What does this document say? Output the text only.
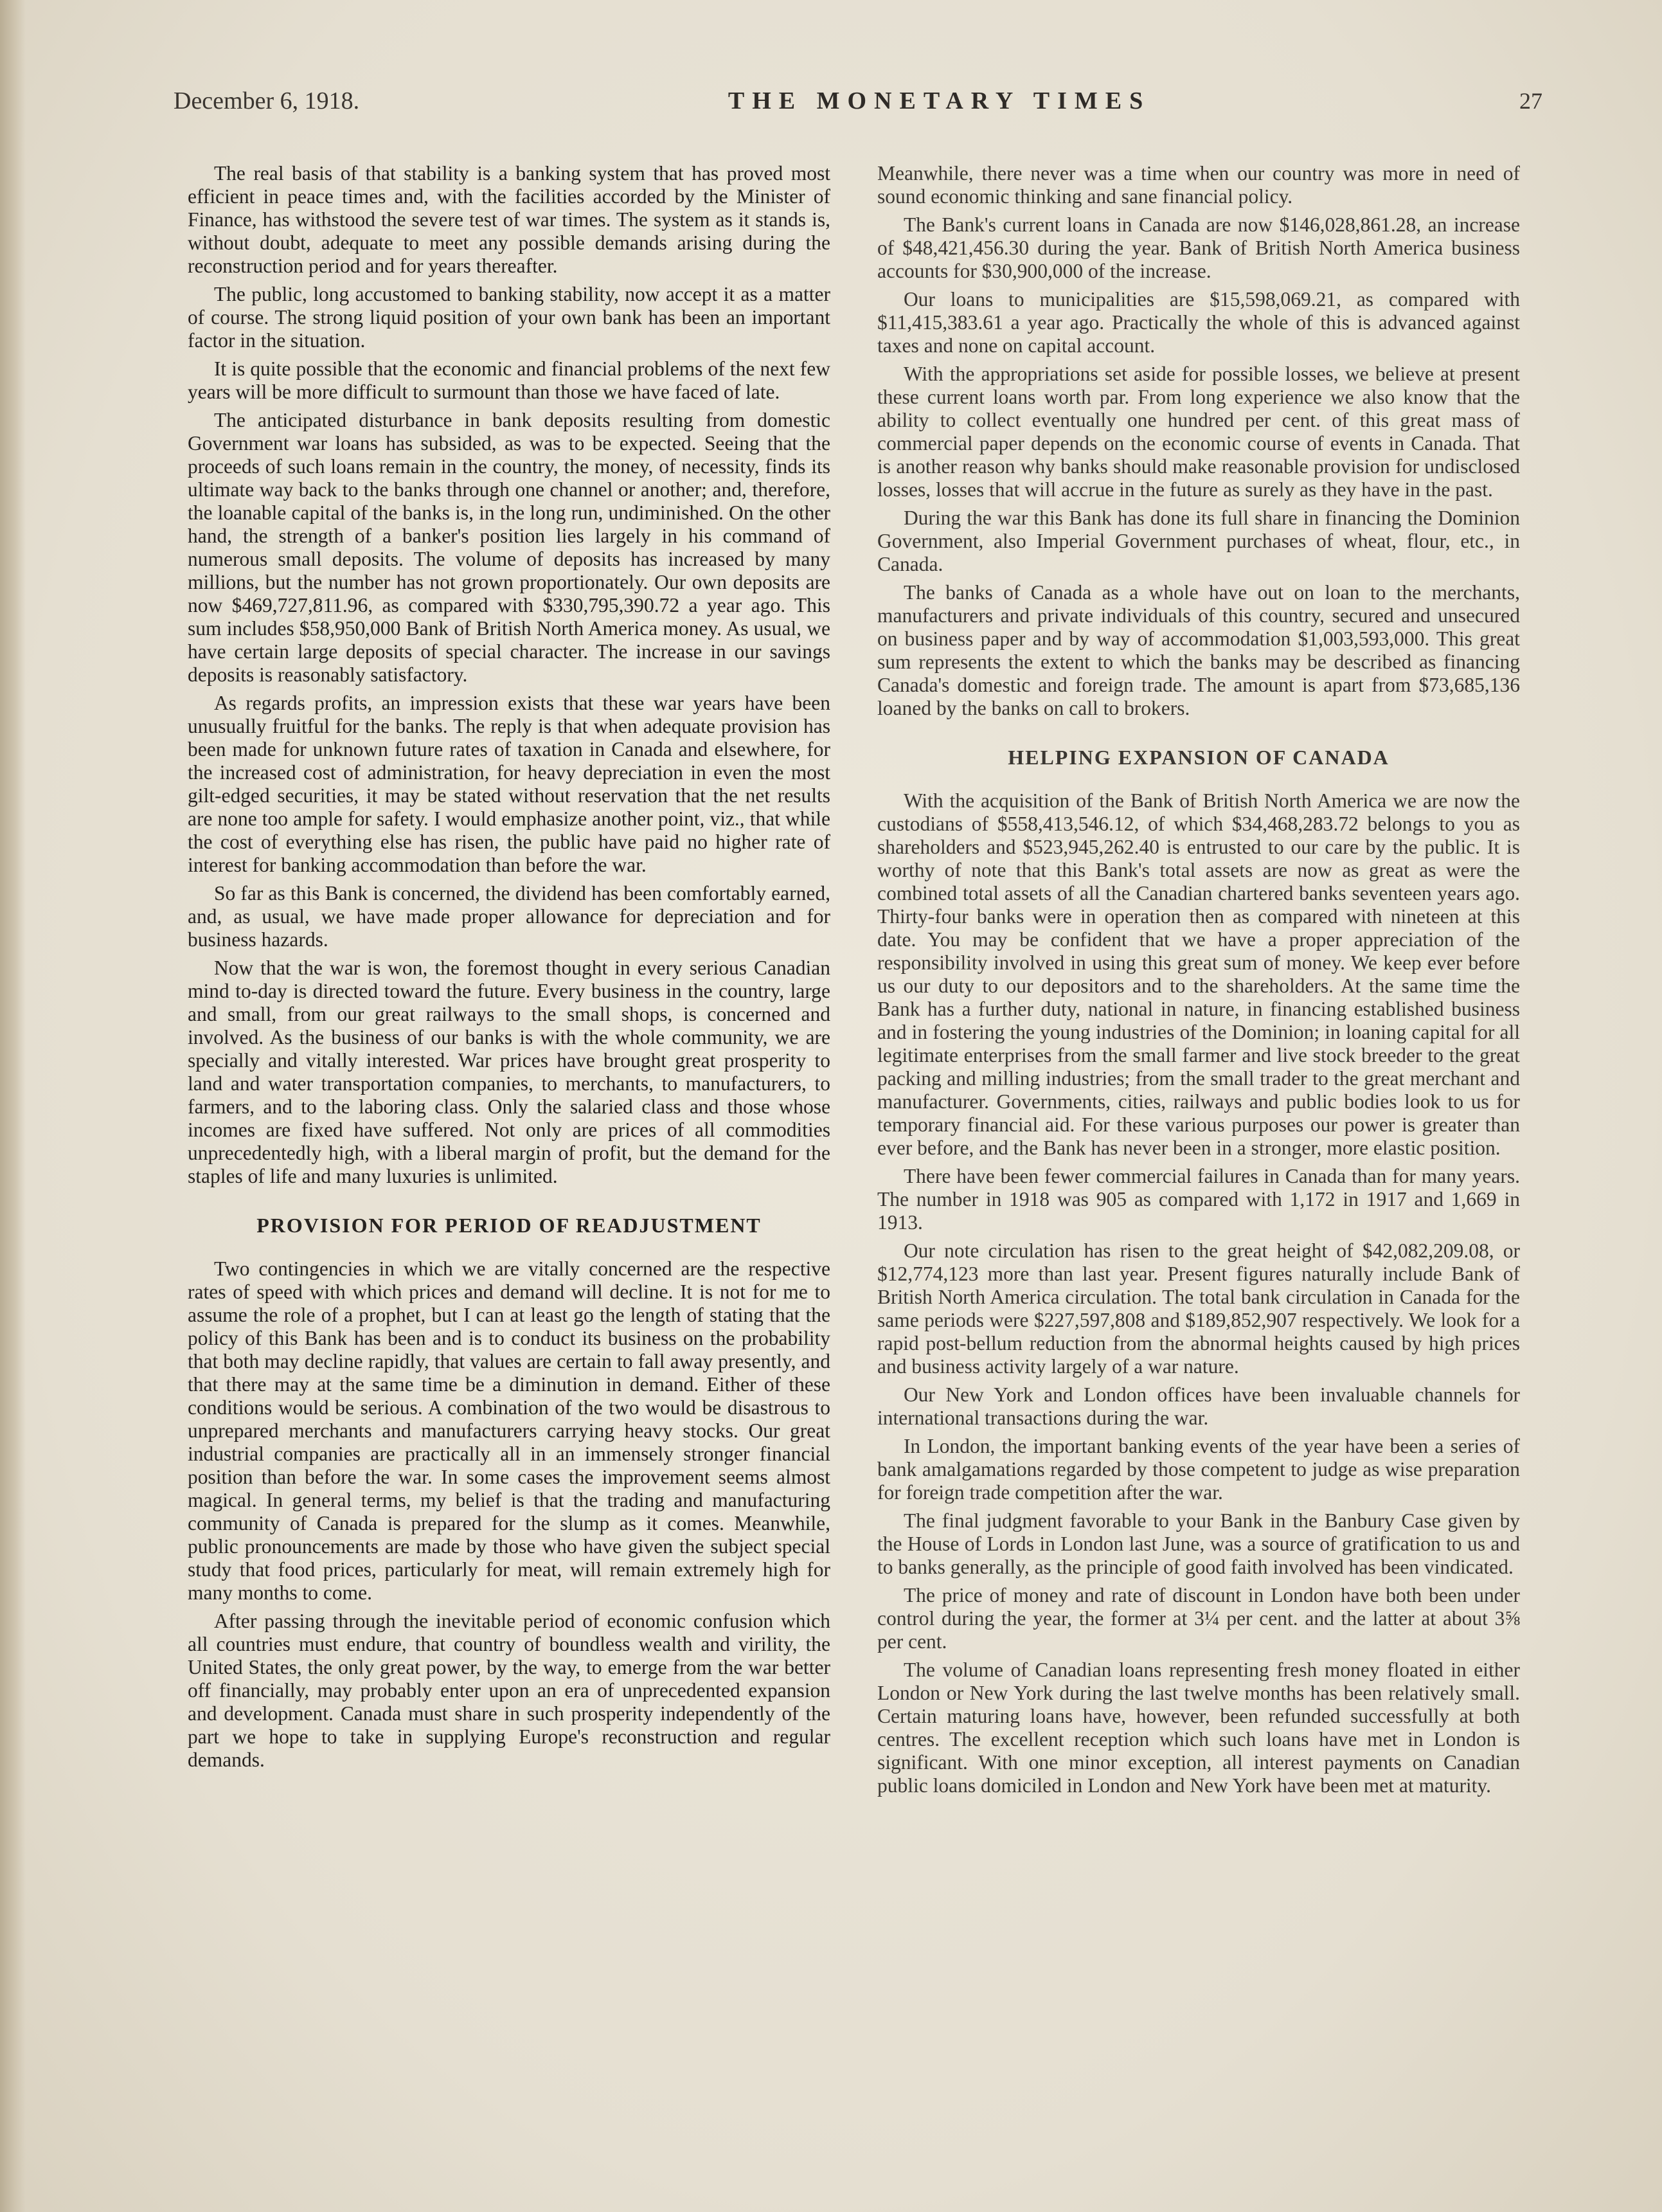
December 6, 1918.	THE MONETARY TIMES	27

The real basis of that stability is a banking system that has proved most efficient in peace times and, with the facilities accorded by the Minister of Finance, has withstood the severe test of war times. The system as it stands is, without doubt, adequate to meet any possible demands arising during the reconstruction period and for years thereafter.

The public, long accustomed to banking stability, now accept it as a matter of course. The strong liquid position of your own bank has been an important factor in the situation.

It is quite possible that the economic and financial problems of the next few years will be more difficult to surmount than those we have faced of late.

The anticipated disturbance in bank deposits resulting from domestic Government war loans has subsided, as was to be expected. Seeing that the proceeds of such loans remain in the country, the money, of necessity, finds its ultimate way back to the banks through one channel or another; and, therefore, the loanable capital of the banks is, in the long run, undiminished. On the other hand, the strength of a banker's position lies largely in his command of numerous small deposits. The volume of deposits has increased by many millions, but the number has not grown proportionately. Our own deposits are now $469,727,811.96, as compared with $330,795,390.72 a year ago. This sum includes $58,950,000 Bank of British North America money. As usual, we have certain large deposits of special character. The increase in our savings deposits is reasonably satisfactory.

As regards profits, an impression exists that these war years have been unusually fruitful for the banks. The reply is that when adequate provision has been made for unknown future rates of taxation in Canada and elsewhere, for the increased cost of administration, for heavy depreciation in even the most gilt-edged securities, it may be stated without reservation that the net results are none too ample for safety. I would emphasize another point, viz., that while the cost of everything else has risen, the public have paid no higher rate of interest for banking accommodation than before the war.

So far as this Bank is concerned, the dividend has been comfortably earned, and, as usual, we have made proper allowance for depreciation and for business hazards.

Now that the war is won, the foremost thought in every serious Canadian mind to-day is directed toward the future. Every business in the country, large and small, from our great railways to the small shops, is concerned and involved. As the business of our banks is with the whole community, we are specially and vitally interested. War prices have brought great prosperity to land and water transportation companies, to merchants, to manufacturers, to farmers, and to the laboring class. Only the salaried class and those whose incomes are fixed have suffered. Not only are prices of all commodities unprecedentedly high, with a liberal margin of profit, but the demand for the staples of life and many luxuries is unlimited.

PROVISION FOR PERIOD OF READJUSTMENT

Two contingencies in which we are vitally concerned are the respective rates of speed with which prices and demand will decline. It is not for me to assume the role of a prophet, but I can at least go the length of stating that the policy of this Bank has been and is to conduct its business on the probability that both may decline rapidly, that values are certain to fall away presently, and that there may at the same time be a diminution in demand. Either of these conditions would be serious. A combination of the two would be disastrous to unprepared merchants and manufacturers carrying heavy stocks. Our great industrial companies are practically all in an immensely stronger financial position than before the war. In some cases the improvement seems almost magical. In general terms, my belief is that the trading and manufacturing community of Canada is prepared for the slump as it comes. Meanwhile, public pronouncements are made by those who have given the subject special study that food prices, particularly for meat, will remain extremely high for many months to come.

After passing through the inevitable period of economic confusion which all countries must endure, that country of boundless wealth and virility, the United States, the only great power, by the way, to emerge from the war better off financially, may probably enter upon an era of unprecedented expansion and development. Canada must share in such prosperity independently of the part we hope to take in supplying Europe's reconstruction and regular demands.

Meanwhile, there never was a time when our country was more in need of sound economic thinking and sane financial policy.

The Bank's current loans in Canada are now $146,028,861.28, an increase of $48,421,456.30 during the year. Bank of British North America business accounts for $30,900,000 of the increase.

Our loans to municipalities are $15,598,069.21, as compared with $11,415,383.61 a year ago. Practically the whole of this is advanced against taxes and none on capital account.

With the appropriations set aside for possible losses, we believe at present these current loans worth par. From long experience we also know that the ability to collect eventually one hundred per cent. of this great mass of commercial paper depends on the economic course of events in Canada. That is another reason why banks should make reasonable provision for undisclosed losses, losses that will accrue in the future as surely as they have in the past.

During the war this Bank has done its full share in financing the Dominion Government, also Imperial Government purchases of wheat, flour, etc., in Canada.

The banks of Canada as a whole have out on loan to the merchants, manufacturers and private individuals of this country, secured and unsecured on business paper and by way of accommodation $1,003,593,000. This great sum represents the extent to which the banks may be described as financing Canada's domestic and foreign trade. The amount is apart from $73,685,136 loaned by the banks on call to brokers.

HELPING EXPANSION OF CANADA

With the acquisition of the Bank of British North America we are now the custodians of $558,413,546.12, of which $34,468,283.72 belongs to you as shareholders and $523,945,262.40 is entrusted to our care by the public. It is worthy of note that this Bank's total assets are now as great as were the combined total assets of all the Canadian chartered banks seventeen years ago. Thirty-four banks were in operation then as compared with nineteen at this date. You may be confident that we have a proper appreciation of the responsibility involved in using this great sum of money. We keep ever before us our duty to our depositors and to the shareholders. At the same time the Bank has a further duty, national in nature, in financing established business and in fostering the young industries of the Dominion; in loaning capital for all legitimate enterprises from the small farmer and live stock breeder to the great packing and milling industries; from the small trader to the great merchant and manufacturer. Governments, cities, railways and public bodies look to us for temporary financial aid. For these various purposes our power is greater than ever before, and the Bank has never been in a stronger, more elastic position.

There have been fewer commercial failures in Canada than for many years. The number in 1918 was 905 as compared with 1,172 in 1917 and 1,669 in 1913.

Our note circulation has risen to the great height of $42,082,209.08, or $12,774,123 more than last year. Present figures naturally include Bank of British North America circulation. The total bank circulation in Canada for the same periods were $227,597,808 and $189,852,907 respectively. We look for a rapid post-bellum reduction from the abnormal heights caused by high prices and business activity largely of a war nature.

Our New York and London offices have been invaluable channels for international transactions during the war.

In London, the important banking events of the year have been a series of bank amalgamations regarded by those competent to judge as wise preparation for foreign trade competition after the war.

The final judgment favorable to your Bank in the Banbury Case given by the House of Lords in London last June, was a source of gratification to us and to banks generally, as the principle of good faith involved has been vindicated.

The price of money and rate of discount in London have both been under control during the year, the former at 3¼ per cent. and the latter at about 3⅝ per cent.

The volume of Canadian loans representing fresh money floated in either London or New York during the last twelve months has been relatively small. Certain maturing loans have, however, been refunded successfully at both centres. The excellent reception which such loans have met in London is significant. With one minor exception, all interest payments on Canadian public loans domiciled in London and New York have been met at maturity.
